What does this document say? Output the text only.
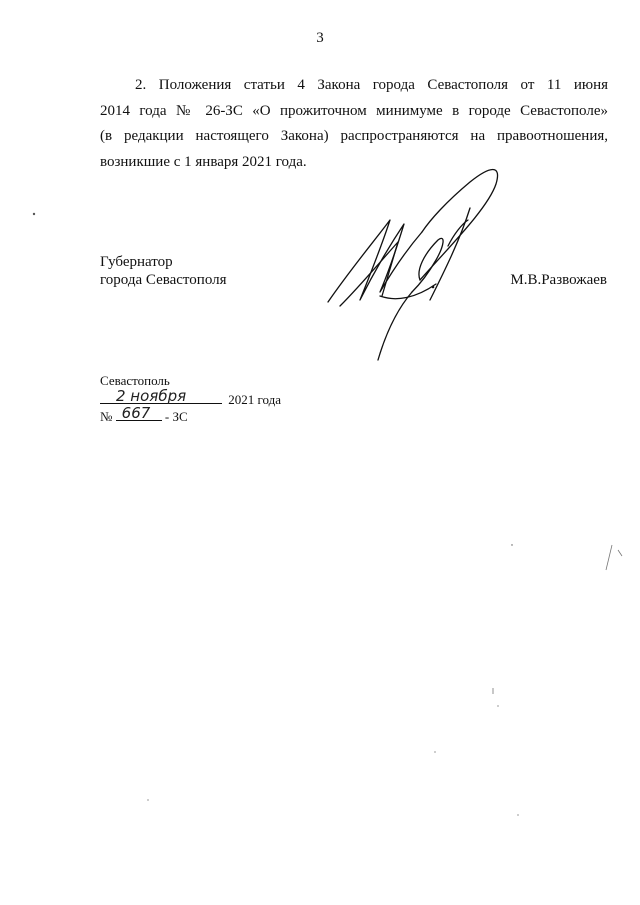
3
2. Положения статьи 4 Закона города Севастополя от 11 июня
2014 года № 26-ЗС «О прожиточном минимуме в городе Севастополе»
(в редакции настоящего Закона) распространяются на правоотношения,
возникшие с 1 января 2021 года.
Губернатор
города Севастополя	М.В.Развожаев
Севастополь
2 ноября	2021 года
№ 667 - ЗС
